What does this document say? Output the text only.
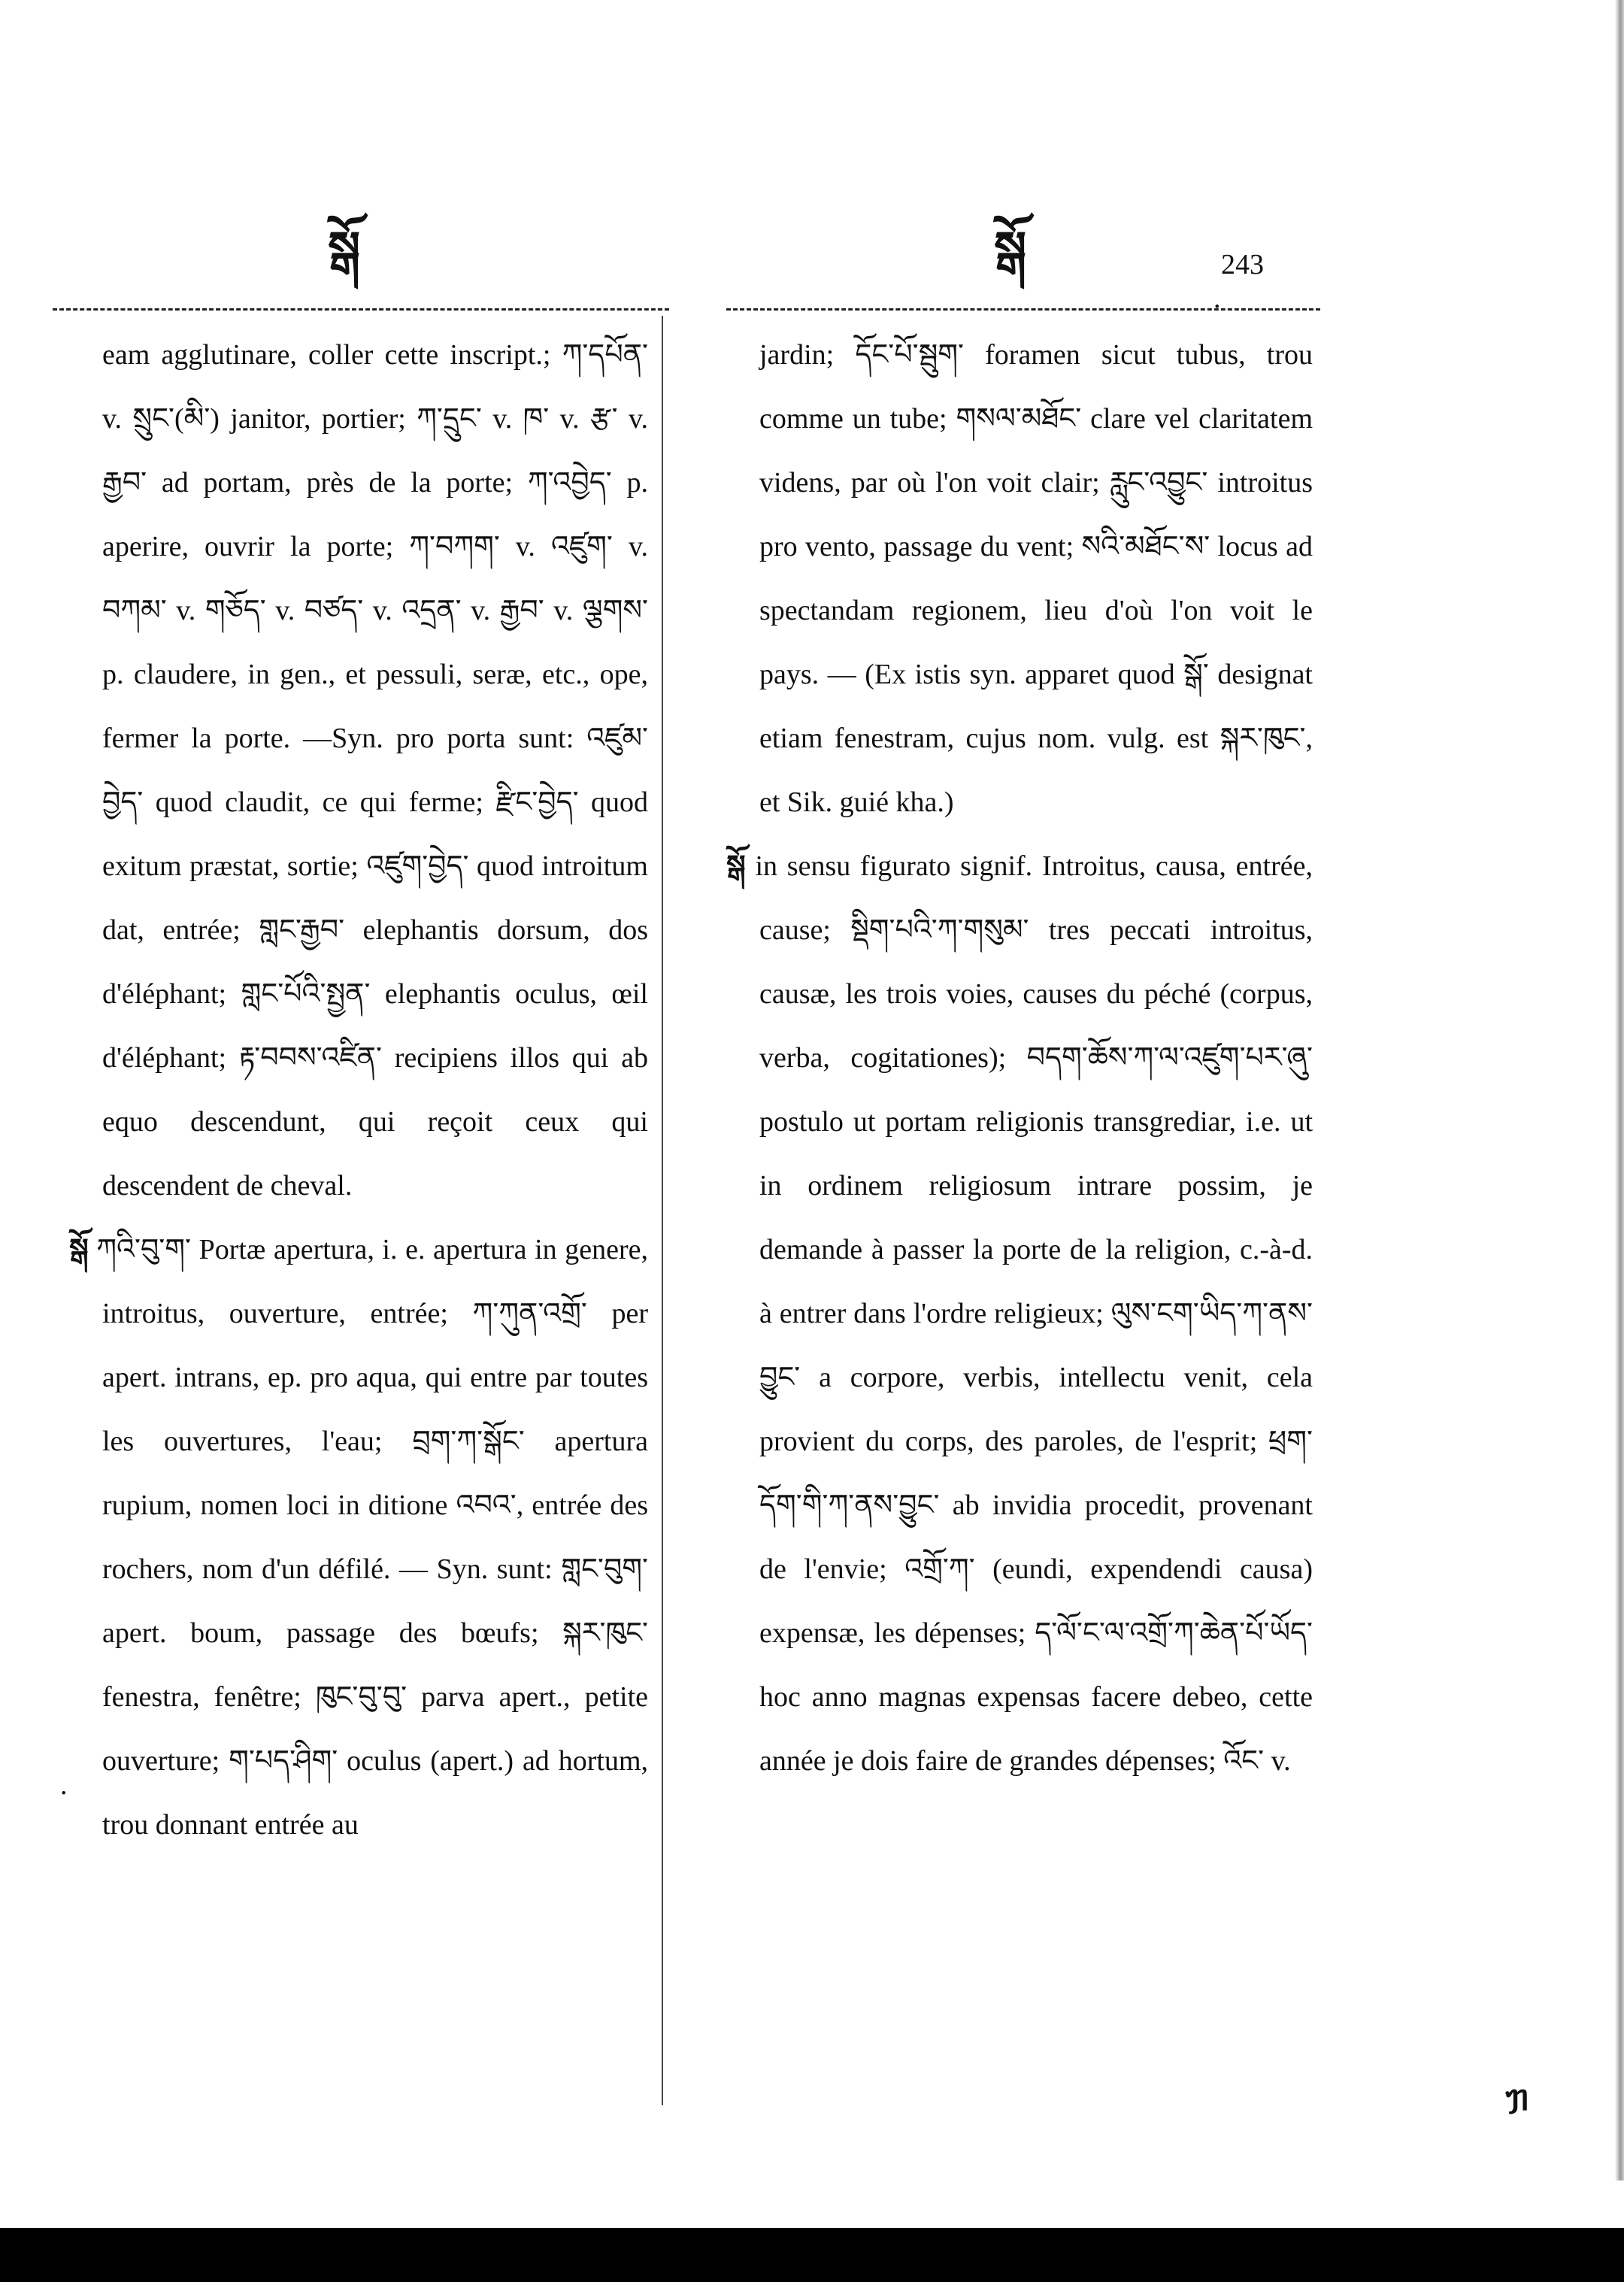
སྒོ	སྒོ	243
.

eam agglutinare, coller cette inscript.; ཀ་དཔོན་ v. སྲུང་(མི་) janitor, portier; ཀ་དྲུང་ v. ཁ་ v. རྩ་ v. རྒྱབ་ ad portam, près de la porte; ཀ་འབྱེད་ p. aperire, ouvrir la porte; ཀ་བཀག་ v. འཛུག་ v. བཀམ་ v. གཅོད་ v. བཙད་ v. འདྲན་ v. རྒྱབ་ v. ལྕགས་ p. claudere, in gen., et pessuli, seræ, etc., ope, fermer la porte. —Syn. pro porta sunt: འཛུམ་བྱེད་ quod claudit, ce qui ferme; རྫིང་བྱེད་ quod exitum præstat, sortie; འཛུག་བྱེད་ quod introitum dat, entrée; གླང་རྒྱབ་ elephantis dorsum, dos d'éléphant; གླང་པོའི་སྤྱན་ elephantis oculus, œil d'éléphant; རྟ་བབས་འཛིན་ recipiens illos qui ab equo descendunt, qui reçoit ceux qui descendent de cheval.

སྒོ ཀའི་བུ་ག་ Portæ apertura, i. e. apertura in genere, introitus, ouverture, entrée; ཀ་ཀུན་འགྲོ་ per apert. intrans, ep. pro aqua, qui entre par toutes les ouvertures, l'eau; བྲག་ཀ་སྒོང་ apertura rupium, nomen loci in ditione འབའ་, entrée des rochers, nom d'un défilé. — Syn. sunt: གླང་བུག་ apert. boum, passage des bœufs; སྐར་ཁུང་ fenestra, fenêtre; ཁུང་བུ་བུ་ parva apert., petite ouverture; ག་པད་ཤིག་ oculus (apert.) ad hortum, trou donnant entrée au

jardin; དོང་པོ་སྦུག་ foramen sicut tubus, trou comme un tube; གསལ་མཐོང་ clare vel claritatem videns, par où l'on voit clair; རླུང་འབྱུང་ introitus pro vento, passage du vent; སའི་མཐོང་ས་ locus ad spectandam regionem, lieu d'où l'on voit le pays. — (Ex istis syn. apparet quod སྒོ་ designat etiam fenestram, cujus nom. vulg. est སྐར་ཁུང་, et Sik. guié kha.)

སྒོ in sensu figurato signif. Introitus, causa, entrée, cause; སྡིག་པའི་ཀ་གསུམ་ tres peccati introitus, causæ, les trois voies, causes du péché (corpus, verba, cogitationes); བདག་ཆོས་ཀ་ལ་འཛུག་པར་ཞུ་ postulo ut portam religionis transgrediar, i.e. ut in ordinem religiosum intrare possim, je demande à passer la porte de la religion, c.-à-d. à entrer dans l'ordre religieux; ལུས་ངག་ཡིད་ཀ་ནས་བྱུང་ a corpore, verbis, intellectu venit, cela provient du corps, des paroles, de l'esprit; ཕྲག་དོག་གི་ཀ་ནས་བྱུང་ ab invidia procedit, provenant de l'envie; འགྲོ་ཀ་ (eundi, expendendi causa) expensæ, les dépenses; ད་ལོ་ང་ལ་འགྲོ་ཀ་ཆེན་པོ་ཡོད་ hoc anno magnas expensas facere debeo, cette année je dois faire de grandes dépenses; འོང་ v.

.
ᥟ
